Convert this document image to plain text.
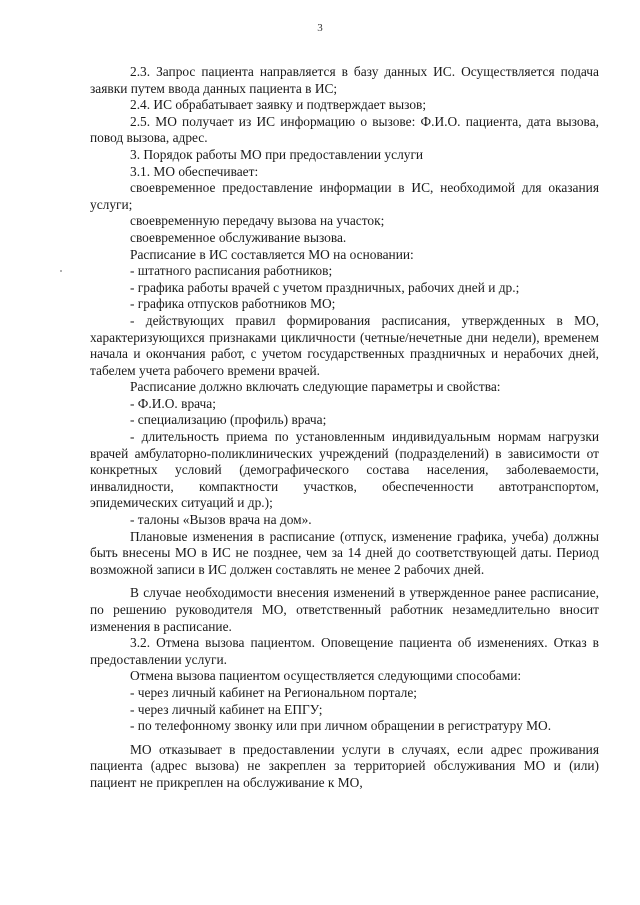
3

2.3. Запрос пациента направляется в базу данных ИС. Осуществляется подача заявки путем ввода данных пациента в ИС;

2.4. ИС обрабатывает заявку и подтверждает вызов;

2.5. МО получает из ИС информацию о вызове: Ф.И.О. пациента, дата вызова, повод вызова, адрес.

3. Порядок работы МО при предоставлении услуги

3.1. МО обеспечивает:

своевременное предоставление информации в ИС, необходимой для оказания услуги;

своевременную передачу вызова на участок;

своевременное обслуживание вызова.

Расписание в ИС составляется МО на основании:

- штатного расписания работников;

- графика работы врачей с учетом праздничных, рабочих дней и др.;

- графика отпусков работников МО;

- действующих правил формирования расписания, утвержденных в МО, характеризующихся признаками цикличности (четные/нечетные дни недели), временем начала и окончания работ, с учетом государственных праздничных и нерабочих дней, табелем учета рабочего времени врачей.

Расписание должно включать следующие параметры и свойства:

- Ф.И.О. врача;

- специализацию (профиль) врача;

- длительность приема по установленным индивидуальным нормам нагрузки врачей амбулаторно-поликлинических учреждений (подразделений) в зависимости от конкретных условий (демографического состава населения, заболеваемости, инвалидности, компактности участков, обеспеченности автотранспортом, эпидемических ситуаций и др.);

- талоны «Вызов врача на дом».

Плановые изменения в расписание (отпуск, изменение графика, учеба) должны быть внесены МО в ИС не позднее, чем за 14 дней до соответствующей даты. Период возможной записи в ИС должен составлять не менее 2 рабочих дней.

В случае необходимости внесения изменений в утвержденное ранее расписание, по решению руководителя МО, ответственный работник незамедлительно вносит изменения в расписание.

3.2. Отмена вызова пациентом. Оповещение пациента об изменениях. Отказ в предоставлении услуги.

Отмена вызова пациентом осуществляется следующими способами:

- через личный кабинет на Региональном портале;

- через личный кабинет на ЕПГУ;

- по телефонному звонку или при личном обращении в регистратуру МО.

МО отказывает в предоставлении услуги в случаях, если адрес проживания пациента (адрес вызова) не закреплен за территорией обслуживания МО и (или) пациент не прикреплен на обслуживание к МО,
